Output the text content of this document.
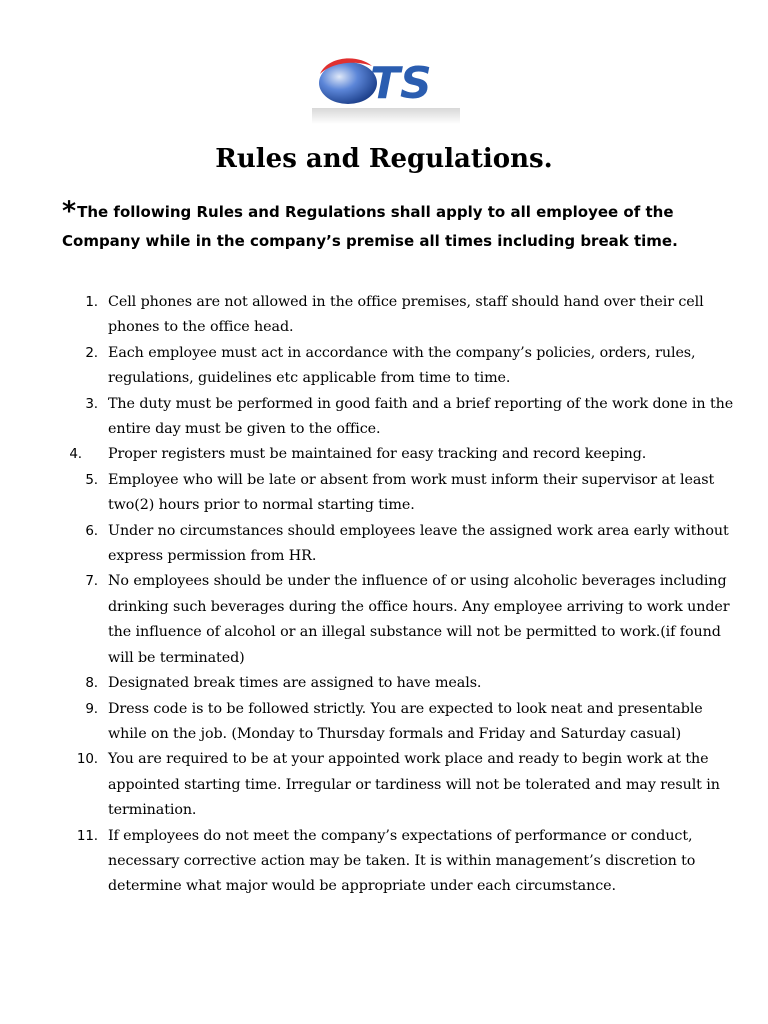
TS
Rules and Regulations.
*The following Rules and Regulations shall apply to all employee of the Company while in the company’s premise all times including break time.
1. Cell phones are not allowed in the office premises, staff should hand over their cell phones to the office head.
2. Each employee must act in accordance with the company’s policies, orders, rules, regulations, guidelines etc applicable from time to time.
3. The duty must be performed in good faith and a brief reporting of the work done in the entire day must be given to the office.
4. Proper registers must be maintained for easy tracking and record keeping.
5. Employee who will be late or absent from work must inform their supervisor at least two(2) hours prior to normal starting time.
6. Under no circumstances should employees leave the assigned work area early without express permission from HR.
7. No employees should be under the influence of or using alcoholic beverages including drinking such beverages during the office hours. Any employee arriving to work under the influence of alcohol or an illegal substance will not be permitted to work.(if found will be terminated)
8. Designated break times are assigned to have meals.
9. Dress code is to be followed strictly. You are expected to look neat and presentable while on the job. (Monday to Thursday formals and Friday and Saturday casual)
10. You are required to be at your appointed work place and ready to begin work at the appointed starting time. Irregular or tardiness will not be tolerated and may result in termination.
11. If employees do not meet the company’s expectations of performance or conduct, necessary corrective action may be taken. It is within management’s discretion to determine what major would be appropriate under each circumstance.
